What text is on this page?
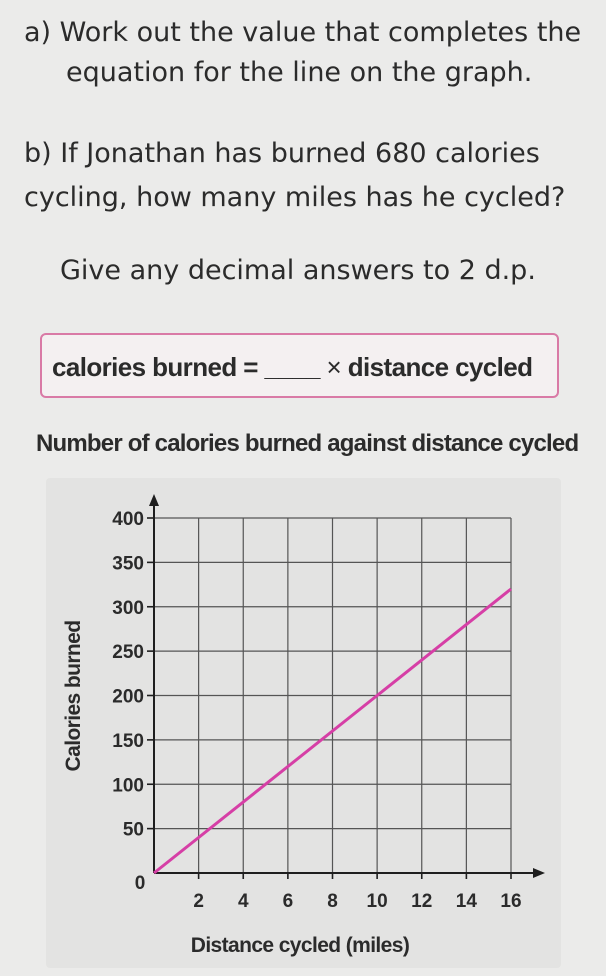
a) Work out the value that completes the
equation for the line on the graph.
b) If Jonathan has burned 680 calories
cycling, how many miles has he cycled?
Give any decimal answers to 2 d.p.
calories burned = ____ × distance cycled
Number of calories burned against distance cycled
2 4 6 8 10 12 14 16
50
100
150
200
250
300
350
400
0
Distance cycled (miles)
Calories burned
